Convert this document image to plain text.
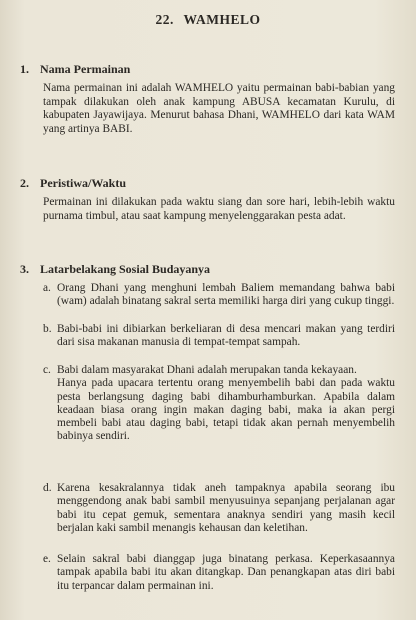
22. WAMHELO
1. Nama Permainan
Nama permainan ini adalah WAMHELO yaitu permainan babi-babian yang tampak dilakukan oleh anak kampung ABUSA kecamatan Kurulu, di kabupaten Jayawijaya. Menurut bahasa Dhani, WAMHELO dari kata WAM yang artinya BABI.
2. Peristiwa/Waktu
Permainan ini dilakukan pada waktu siang dan sore hari, lebih-lebih waktu purnama timbul, atau saat kampung menyelenggarakan pesta adat.
3. Latarbelakang Sosial Budayanya
a. Orang Dhani yang menghuni lembah Baliem memandang bahwa babi (wam) adalah binatang sakral serta memiliki harga diri yang cukup tinggi.

b. Babi-babi ini dibiarkan berkeliaran di desa mencari makan yang terdiri dari sisa makanan manusia di tempat-tempat sampah.

c. Babi dalam masyarakat Dhani adalah merupakan tanda kekayaan.

Hanya pada upacara tertentu orang menyembelih babi dan pada waktu pesta berlangsung daging babi dihamburhamburkan. Apabila dalam keadaan biasa orang ingin makan daging babi, maka ia akan pergi membeli babi atau daging babi, tetapi tidak akan pernah menyembelih babinya sendiri.

d. Karena kesakralannya tidak aneh tampaknya apabila seorang ibu menggendong anak babi sambil menyusuinya sepanjang perjalanan agar babi itu cepat gemuk, sementara anaknya sendiri yang masih kecil berjalan kaki sambil menangis kehausan dan keletihan.

e. Selain sakral babi dianggap juga binatang perkasa. Keperkasaannya tampak apabila babi itu akan ditangkap. Dan penangkapan atas diri babi itu terpancar dalam permainan ini.
